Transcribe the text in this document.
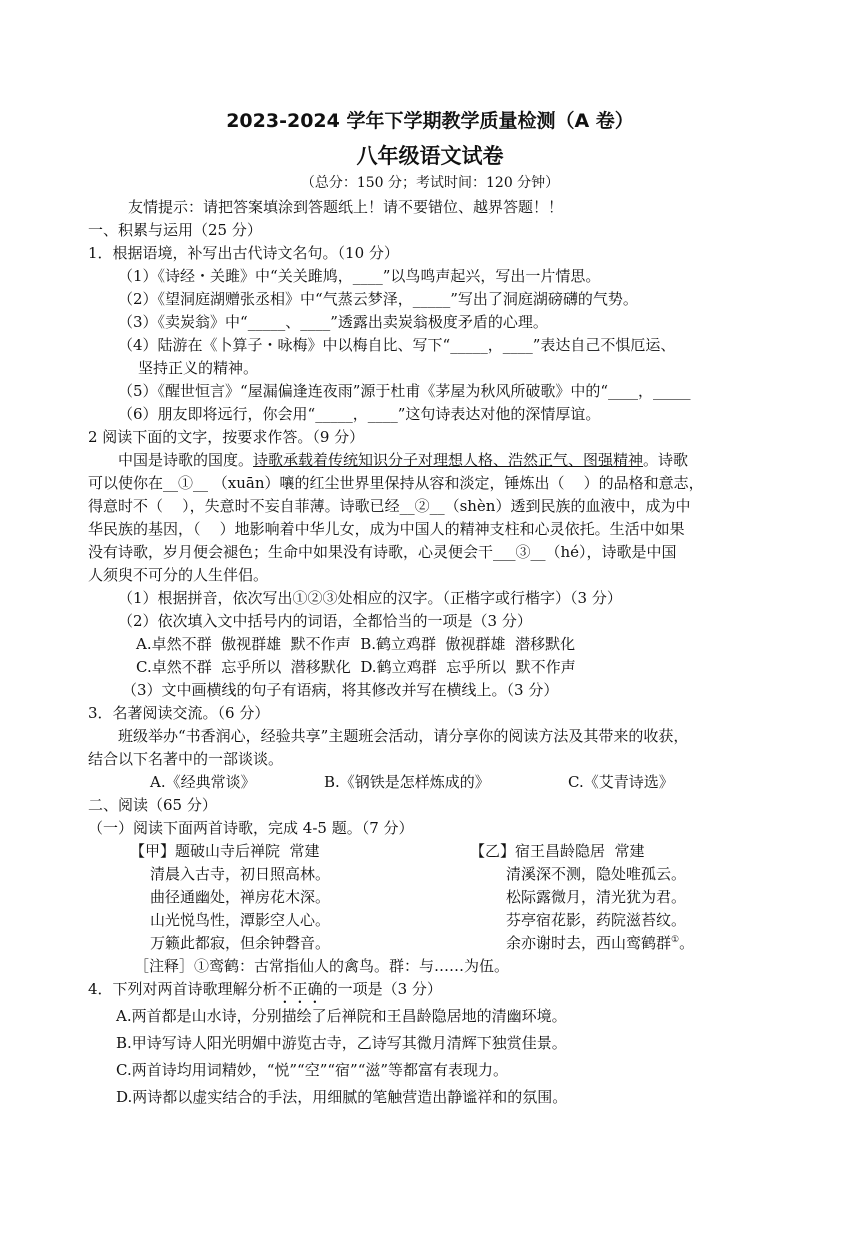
2023-2024 学年下学期教学质量检测（A 卷）
八年级语文试卷
（总分：150 分；考试时间：120 分钟）
友情提示：请把答案填涂到答题纸上！请不要错位、越界答题！！
一、积累与运用（25 分）
1．根据语境，补写出古代诗文名句。（10 分）
（1）《诗经・关雎》中“关关雎鸠，____”以鸟鸣声起兴，写出一片情思。
（2）《望洞庭湖赠张丞相》中“气蒸云梦泽，_____”写出了洞庭湖磅礴的气势。
（3）《卖炭翁》中“_____、____”透露出卖炭翁极度矛盾的心理。
（4）陆游在《卜算子・咏梅》中以梅自比、写下“_____，____”表达自己不惧厄运、
坚持正义的精神。
（5）《醒世恒言》“屋漏偏逢连夜雨”源于杜甫《茅屋为秋风所破歌》中的“____，_____
（6）朋友即将远行，你会用“_____，____”这句诗表达对他的深情厚谊。
2 阅读下面的文字，按要求作答。（9 分）
中国是诗歌的国度。诗歌承载着传统知识分子对理想人格、浩然正气、图强精神。诗歌
可以使你在__①__ （xuān）嚷的红尘世界里保持从容和淡定，锤炼出（    ）的品格和意志，
得意时不（    ），失意时不妄自菲薄。诗歌已经__②__（shèn）透到民族的血液中，成为中
华民族的基因，（    ）地影响着中华儿女，成为中国人的精神支柱和心灵依托。生活中如果
没有诗歌，岁月便会褪色；生命中如果没有诗歌，心灵便会干___③__（hé），诗歌是中国
人须臾不可分的人生伴侣。
（1）根据拼音，依次写出①②③处相应的汉字。（正楷字或行楷字）（3 分）
（2）依次填入文中括号内的词语，全都恰当的一项是（3 分）
A.卓然不群  傲视群雄  默不作声  B.鹤立鸡群  傲视群雄  潜移默化
C.卓然不群  忘乎所以  潜移默化  D.鹤立鸡群  忘乎所以  默不作声
（3）文中画横线的句子有语病，将其修改并写在横线上。（3 分）
3．名著阅读交流。（6 分）
班级举办“书香润心，经验共享”主题班会活动，请分享你的阅读方法及其带来的收获，
结合以下名著中的一部谈谈。
A.《经典常谈》	B.《钢铁是怎样炼成的》	C.《艾青诗选》
二、阅读（65 分）
（一）阅读下面两首诗歌，完成 4-5 题。（7 分）
【甲】题破山寺后禅院  常建
清晨入古寺，初日照高林。
曲径通幽处，禅房花木深。
山光悦鸟性，潭影空人心。
万籁此都寂，但余钟磬音。
【乙】宿王昌龄隐居  常建
清溪深不测，隐处唯孤云。
松际露微月，清光犹为君。
芬亭宿花影，药院滋苔纹。
余亦谢时去，西山鸾鹤群①。
［注释］①鸾鹤：古常指仙人的禽鸟。群：与……为伍。
4．下列对两首诗歌理解分析不正确的一项是（3 分）
A.两首都是山水诗，分别描绘了后禅院和王昌龄隐居地的清幽环境。
B.甲诗写诗人阳光明媚中游览古寺，乙诗写其微月清辉下独赏佳景。
C.两首诗均用词精妙，“悦”“空”“宿”“滋”等都富有表现力。
D.两诗都以虚实结合的手法，用细腻的笔触营造出静谧祥和的氛围。
